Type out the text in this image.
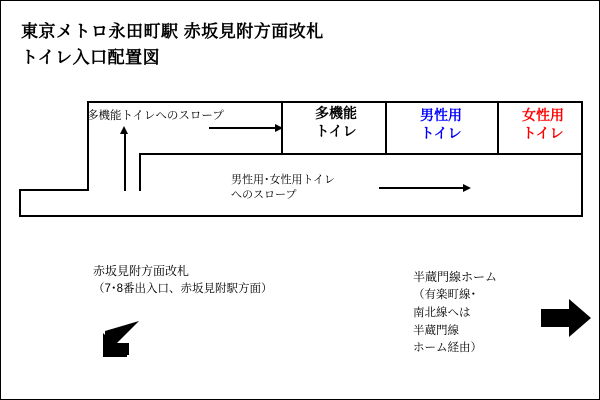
東京メトロ永田町駅 赤坂見附方面改札
トイレ入口配置図
多機能
トイレ
男性用
トイレ
女性用
トイレ
多機能トイレへのスロープ
男性用･女性用トイレ
へのスロープ
赤坂見附方面改札
（7･8番出入口、赤坂見附駅方面）
半蔵門線ホーム
（有楽町線･
南北線へは
半蔵門線
ホーム経由）
